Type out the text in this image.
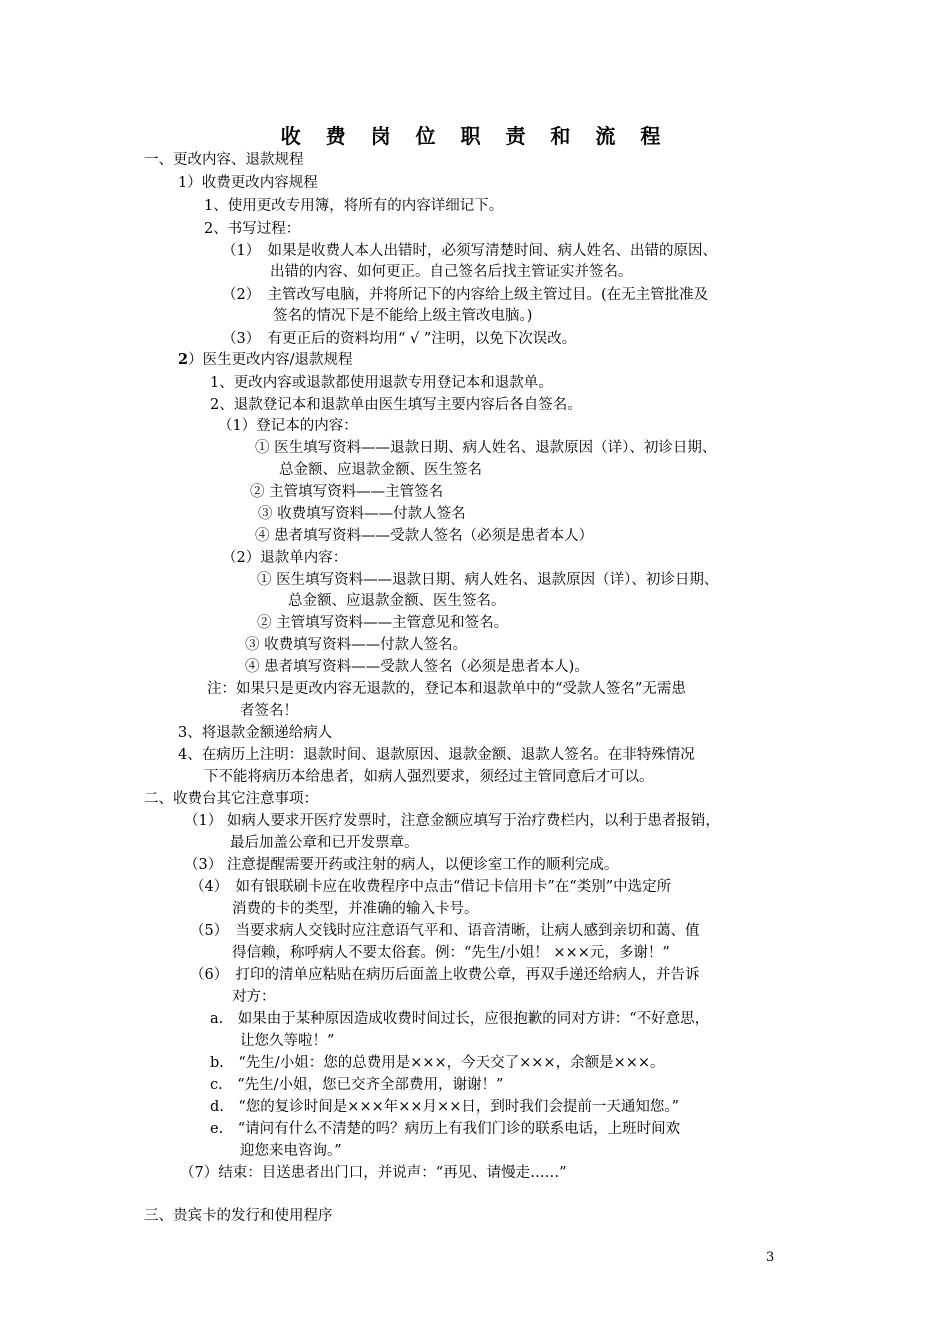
收 费 岗 位 职 责 和 流 程
一、更改内容、退款规程
1）收费更改内容规程
1、使用更改专用簿，将所有的内容详细记下。
2、书写过程：
（1）　如果是收费人本人出错时，必须写清楚时间、病人姓名、出错的原因、
出错的内容、如何更正。自己签名后找主管证实并签名。
（2）　主管改写电脑，并将所记下的内容给上级主管过目。(在无主管批准及
签名的情况下是不能给上级主管改电脑。)
（3）　有更正后的资料均用“ √ ”注明，以免下次误改。
2）医生更改内容/退款规程
1、更改内容或退款都使用退款专用登记本和退款单。
2、退款登记本和退款单由医生填写主要内容后各自签名。
（1）登记本的内容：
① 医生填写资料——退款日期、病人姓名、退款原因（详）、初诊日期、
总金额、应退款金额、医生签名
② 主管填写资料——主管签名
③ 收费填写资料——付款人签名
④ 患者填写资料——受款人签名（必须是患者本人）
（2）退款单内容：
① 医生填写资料——退款日期、病人姓名、退款原因（详）、初诊日期、
总金额、应退款金额、医生签名。
② 主管填写资料——主管意见和签名。
③ 收费填写资料——付款人签名。
④ 患者填写资料——受款人签名（必须是患者本人)。
注：如果只是更改内容无退款的，登记本和退款单中的“受款人签名”无需患
者签名！
3、将退款金额递给病人
4、在病历上注明：退款时间、退款原因、退款金额、退款人签名。在非特殊情况
下不能将病历本给患者，如病人强烈要求，须经过主管同意后才可以。
二、收费台其它注意事项：
（1） 如病人要求开医疗发票时，注意金额应填写于治疗费栏内，以利于患者报销，
最后加盖公章和已开发票章。
（3） 注意提醒需要开药或注射的病人，以便诊室工作的顺利完成。
（4）　如有银联刷卡应在收费程序中点击“借记卡信用卡”在“类别”中选定所
消费的卡的类型，并准确的输入卡号。
（5）　当要求病人交钱时应注意语气平和、语音清晰，让病人感到亲切和蔼、值
得信赖，称呼病人不要太俗套。例：“先生/小姐！ ×××元，多谢！”
（6）　打印的清单应粘贴在病历后面盖上收费公章，再双手递还给病人，并告诉
对方：
a.　如果由于某种原因造成收费时间过长，应很抱歉的同对方讲：“不好意思，
让您久等啦！”
b.　“先生/小姐：您的总费用是×××，今天交了×××，余额是×××。
c.　“先生/小姐，您已交齐全部费用，谢谢！”
d.　“您的复诊时间是×××年××月××日，到时我们会提前一天通知您。”
e.　“请问有什么不清楚的吗？病历上有我们门诊的联系电话，上班时间欢
迎您来电咨询。”
（7）结束：目送患者出门口，并说声：“再见、请慢走……”
三、贵宾卡的发行和使用程序
3
